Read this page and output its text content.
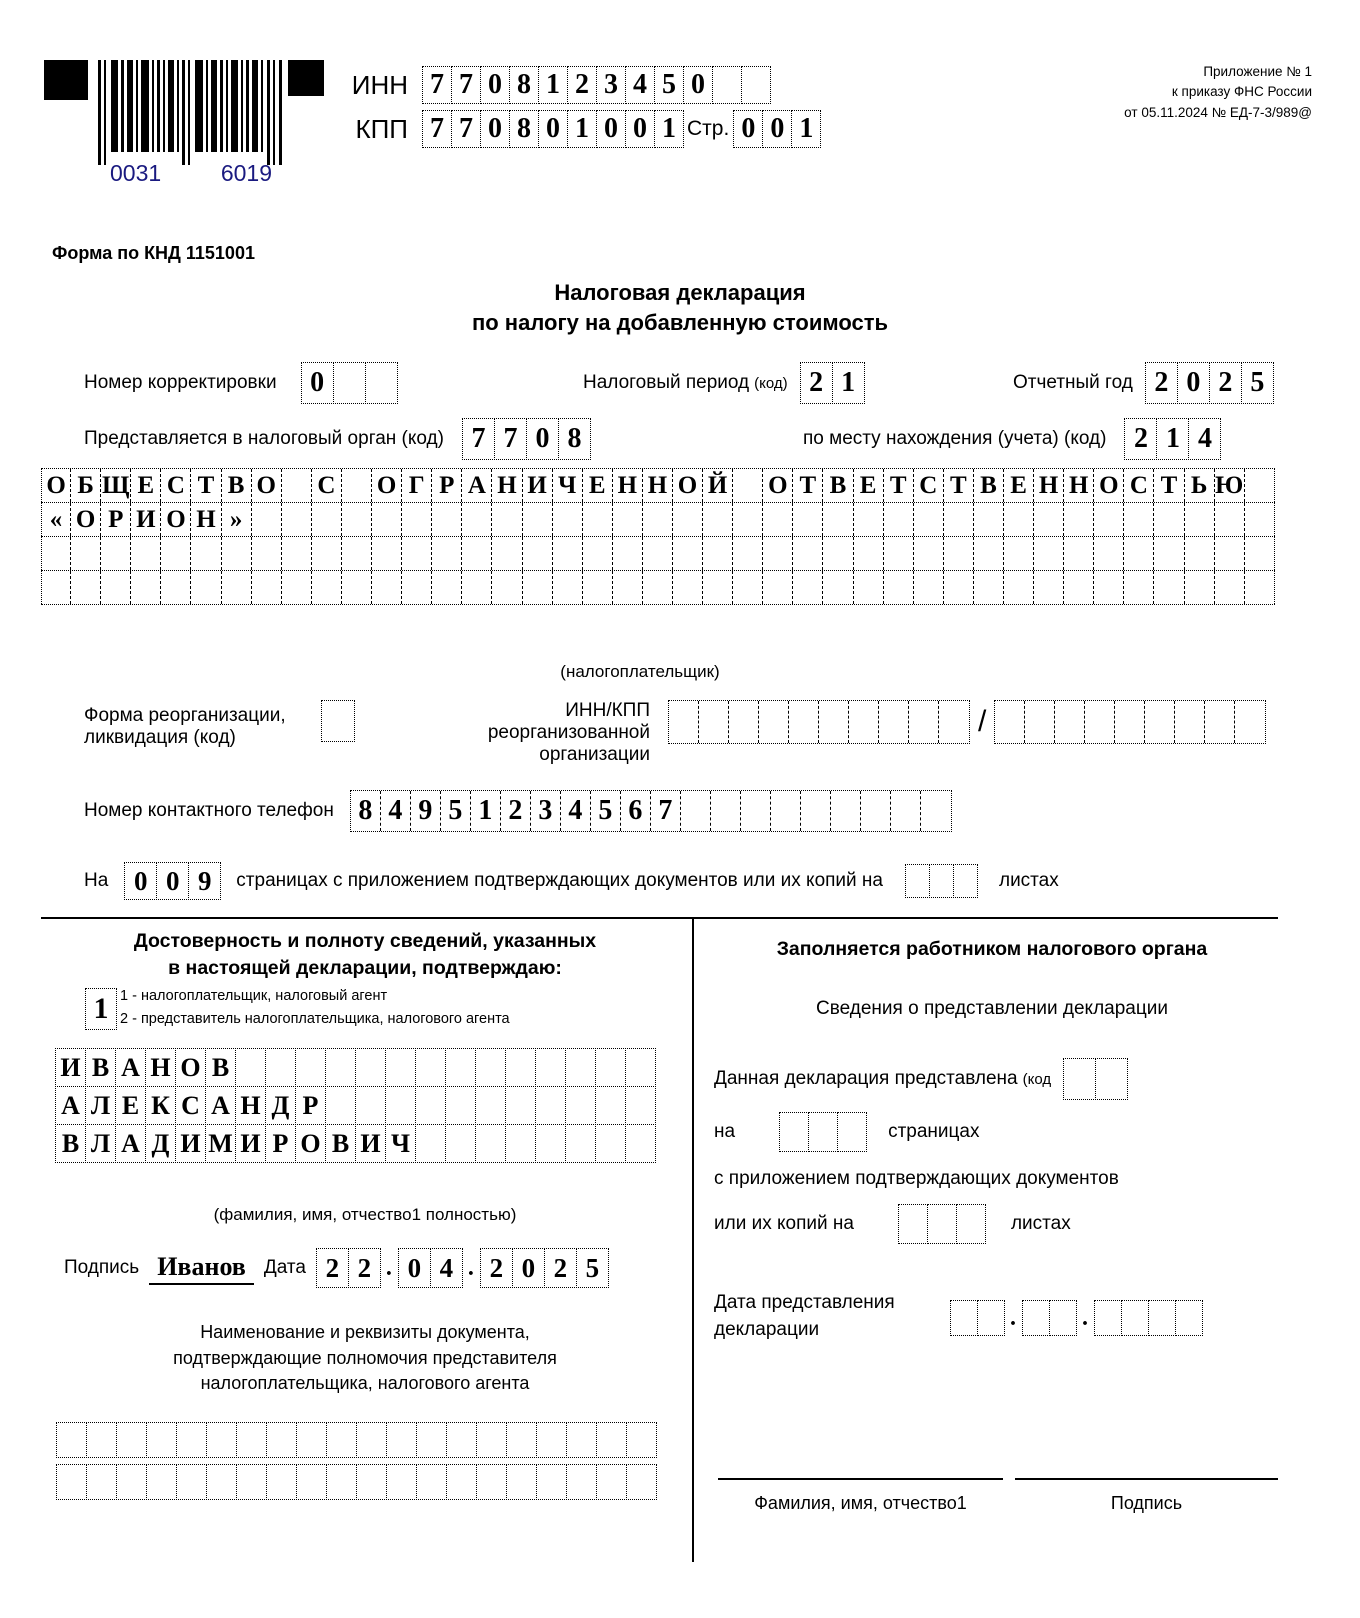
0031	6019
ИНН 7 7 0 8 1 2 3 4 5 0
КПП 7 7 0 8 0 1 0 0 1 Стр. 0 0 1
Приложение № 1
к приказу ФНС России
от 05.11.2024 № ЕД-7-3/989@
Форма по КНД 1151001
Налоговая декларация
по налогу на добавленную стоимость
Номер корректировки	0	Налоговый период (код) 2 1	Отчетный год 2 0 2 5
Представляется в налоговый орган (код) 7 7 0 8	по месту нахождения (учета) (код) 2 1 4
О Б Щ Е С Т В О С О Г Р А Н И Ч Е Н Н О Й О Т В Е Т С Т В Е Н Н О С Т Ь Ю
« О Р И О Н »
(налогоплательщик)
Форма реорганизации,
ликвидация (код)
ИНН/КПП
реорганизованной
организации
/
Номер контактного телефон 8 4 9 5 1 2 3 4 5 6 7
На 0 0 9	страницах с приложением подтверждающих документов или их копий на	листах
Достоверность и полноту сведений, указанных
в настоящей декларации, подтверждаю:
1 1 - налогоплательщик, налоговый агент
2 - представитель налогоплательщика, налогового агента
И В А Н О В
А Л Е К С А Н Д Р
В Л А Д И М И Р О В И Ч
(фамилия, имя, отчество1 полностью)
Подпись Иванов Дата 2 2 . 0 4 . 2 0 2 5
Наименование и реквизиты документа,
подтверждающие полномочия представителя
налогоплательщика, налогового агента
Заполняется работником налогового органа
Сведения о представлении декларации
Данная декларация представлена (код
на	страницах
с приложением подтверждающих документов
или их копий на	листах
Дата представления
декларации	.	.
Фамилия, имя, отчество1	Подпись
